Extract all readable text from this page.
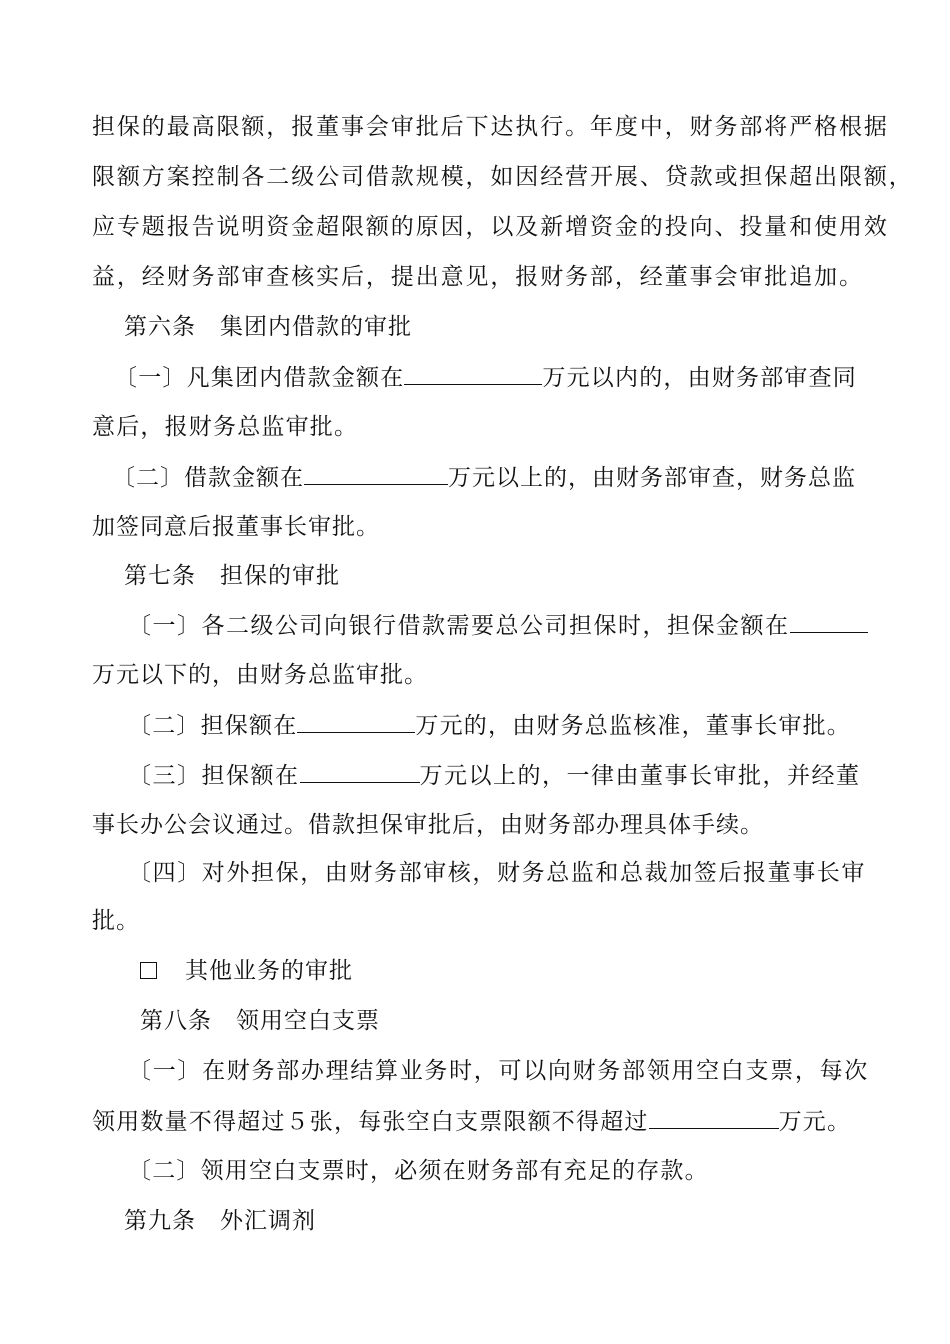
担保的最高限额，报董事会审批后下达执行。年度中，财务部将严格根据

限额方案控制各二级公司借款规模，如因经营开展、贷款或担保超出限额，

应专题报告说明资金超限额的原因，以及新增资金的投向、投量和使用效

益，经财务部审查核实后，提出意见，报财务部，经董事会审批追加。

第六条　集团内借款的审批

〔一〕凡集团内借款金额在	万元以内的，由财务部审查同

意后，报财务总监审批。

〔二〕借款金额在	万元以上的，由财务部审查，财务总监

加签同意后报董事长审批。

第七条　担保的审批

〔一〕各二级公司向银行借款需要总公司担保时，担保金额在

万元以下的，由财务总监审批。

〔二〕担保额在	万元的，由财务总监核准，董事长审批。

〔三〕担保额在	万元以上的，一律由董事长审批，并经董

事长办公会议通过。借款担保审批后，由财务部办理具体手续。

〔四〕对外担保，由财务部审核，财务总监和总裁加签后报董事长审

批。

其他业务的审批

第八条　领用空白支票

〔一〕在财务部办理结算业务时，可以向财务部领用空白支票，每次

领用数量不得超过５张，每张空白支票限额不得超过	万元。

〔二〕领用空白支票时，必须在财务部有充足的存款。

第九条　外汇调剂
